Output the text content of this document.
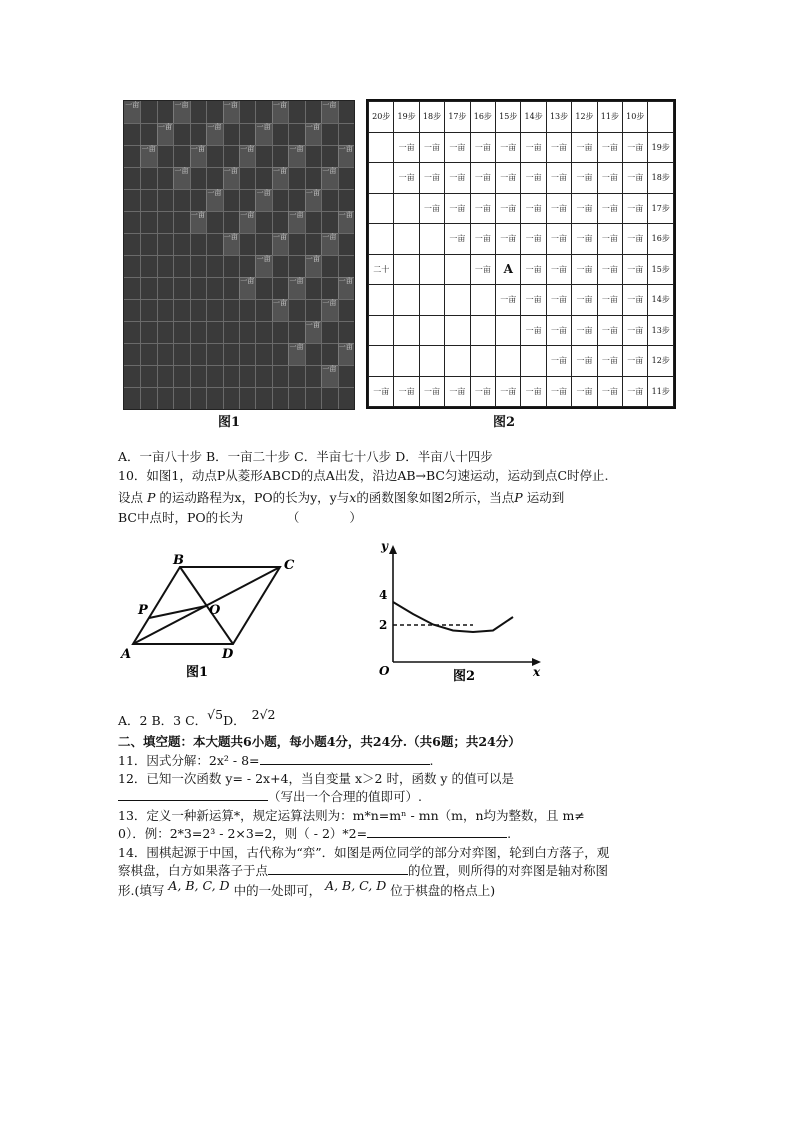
一亩	一亩	一亩	一亩	一亩
一亩	一亩	一亩	一亩
一亩	一亩	一亩	一亩	一亩
一亩	一亩	一亩	一亩
一亩	一亩	一亩
一亩	一亩	一亩	一亩
一亩	一亩	一亩
一亩	一亩
一亩	一亩	一亩
一亩	一亩
一亩
一亩	一亩
一亩
图1
20步	19步	18步	17步	16步	15步	14步	13步	12步	11步	10步	
	一亩	一亩	一亩	一亩	一亩	一亩	一亩	一亩	一亩	一亩	19步
	一亩	一亩	一亩	一亩	一亩	一亩	一亩	一亩	一亩	一亩	18步
		一亩	一亩	一亩	一亩	一亩	一亩	一亩	一亩	一亩	17步
			一亩	一亩	一亩	一亩	一亩	一亩	一亩	一亩	16步
二十				一亩	A	一亩	一亩	一亩	一亩	一亩	15步
					一亩	一亩	一亩	一亩	一亩	一亩	14步
						一亩	一亩	一亩	一亩	一亩	13步
							一亩	一亩	一亩	一亩	12步
一亩	一亩	一亩	一亩	一亩	一亩	一亩	一亩	一亩	一亩	一亩	11步
图2
A．一亩八十步 B．一亩二十步 C．半亩七十八步 D．半亩八十四步
10．如图1，动点P从菱形ABCD的点A出发，沿边AB→BC匀速运动，运动到点C时停止.
设点 P 的运动路程为x，PO的长为y，y与x的函数图象如图2所示，当点P 运动到
BC中点时，PO的长为　　　　（　　　　）
A
B	C
D
P	O
图1
y
x
O
4
2
图2
A．2 B．3 C．√5D． 2√2
二、填空题：本大题共6小题，每小题4分，共24分.（共6题；共24分）
11．因式分解：2x² - 8=	.
12．已知一次函数 y= - 2x+4，当自变量 x＞2 时，函数 y 的值可以是
（写出一个合理的值即可）.
13．定义一种新运算*，规定运算法则为：m*n=mⁿ - mn（m，n均为整数，且 m≠
0）．例：2*3=2³ - 2×3=2，则（ - 2）*2=	.
14．围棋起源于中国，古代称为“弈”．如图是两位同学的部分对弈图，轮到白方落子，观
察棋盘，白方如果落子于点	的位置，则所得的对弈图是轴对称图
形.(填写 A, B, C, D 中的一处即可， A, B, C, D 位于棋盘的格点上)
